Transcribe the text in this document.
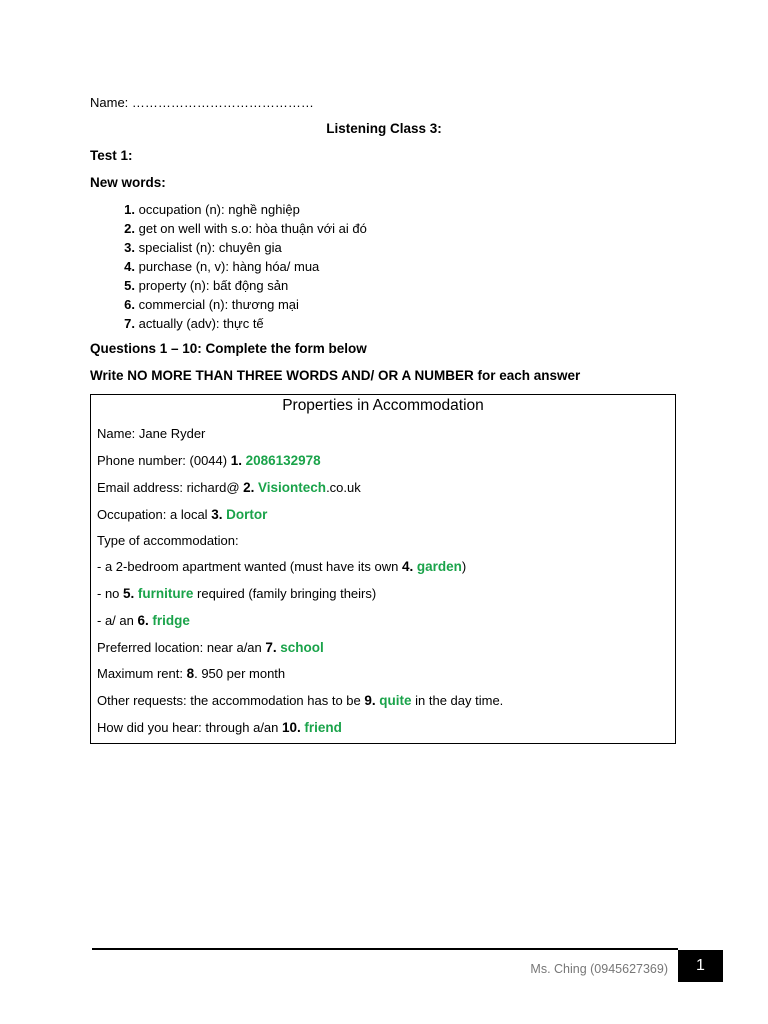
Name: ……………………………………
Listening Class 3:
Test 1:
New words:
1. occupation (n): nghề nghiệp
2. get on well with s.o: hòa thuận với ai đó
3. specialist (n): chuyên gia
4. purchase (n, v): hàng hóa/ mua
5. property (n): bất động sản
6. commercial (n): thương mại
7. actually (adv): thực tế
Questions 1 – 10: Complete the form below
Write NO MORE THAN THREE WORDS AND/ OR A NUMBER for each answer
Properties in Accommodation
Name: Jane Ryder
Phone number: (0044) 1. 2086132978
Email address: richard@ 2. Visiontech.co.uk
Occupation: a local 3. Dortor
Type of accommodation:
- a 2-bedroom apartment wanted (must have its own 4. garden)
- no 5. furniture required (family bringing theirs)
- a/ an 6. fridge
Preferred location: near a/an 7. school
Maximum rent: 8. 950 per month
Other requests: the accommodation has to be 9. quite in the day time.
How did you hear: through a/an 10. friend
Ms. Ching (0945627369)	1
